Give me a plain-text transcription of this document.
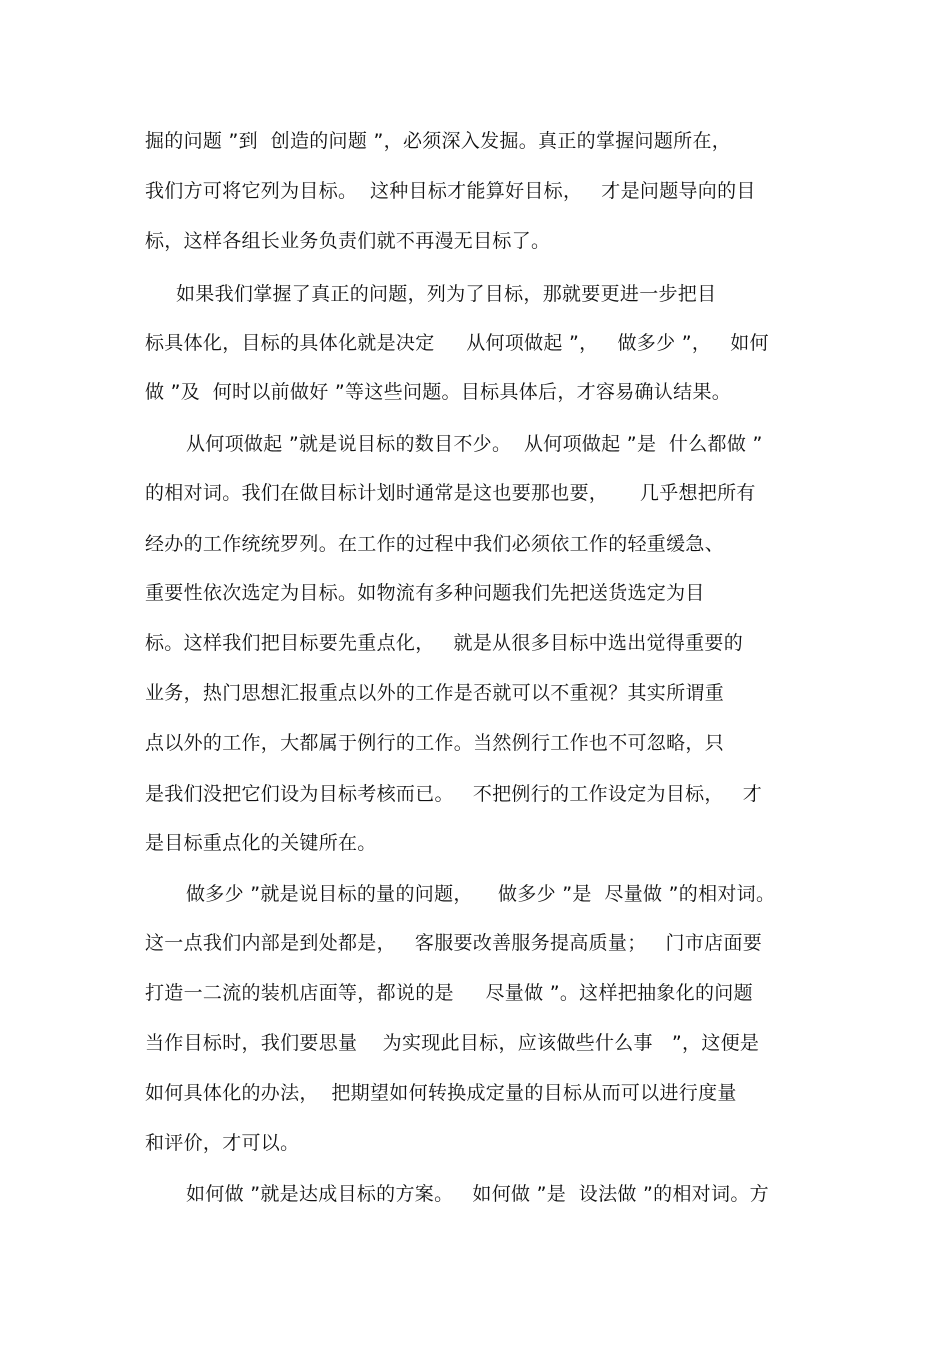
掘的问题 ”到  创造的问题 ”，必须深入发掘。真正的掌握问题所在，

我们方可将它列为目标。  这种目标才能算好目标，   才是问题导向的目

标，这样各组长业务负责们就不再漫无目标了。

如果我们掌握了真正的问题，列为了目标，那就要更进一步把目

标具体化，目标的具体化就是决定     从何项做起 ”，   做多少 ”，   如何

做 ”及  何时以前做好 ”等这些问题。目标具体后，才容易确认结果。

从何项做起 ”就是说目标的数目不少。  从何项做起 ”是  什么都做 ”

的相对词。我们在做目标计划时通常是这也要那也要，     几乎想把所有

经办的工作统统罗列。在工作的过程中我们必须依工作的轻重缓急、

重要性依次选定为目标。如物流有多种问题我们先把送货选定为目

标。这样我们把目标要先重点化，   就是从很多目标中选出觉得重要的

业务，热门思想汇报重点以外的工作是否就可以不重视？其实所谓重

点以外的工作，大都属于例行的工作。当然例行工作也不可忽略，只

是我们没把它们设为目标考核而已。   不把例行的工作设定为目标，   才

是目标重点化的关键所在。

做多少 ”就是说目标的量的问题，    做多少 ”是  尽量做 ”的相对词。

这一点我们内部是到处都是，   客服要改善服务提高质量；   门市店面要

打造一二流的装机店面等，都说的是     尽量做 ”。这样把抽象化的问题

当作目标时，我们要思量    为实现此目标，应该做些什么事   ”，这便是

如何具体化的办法，  把期望如何转换成定量的目标从而可以进行度量

和评价，才可以。

如何做 ”就是达成目标的方案。   如何做 ”是  设法做 ”的相对词。方
